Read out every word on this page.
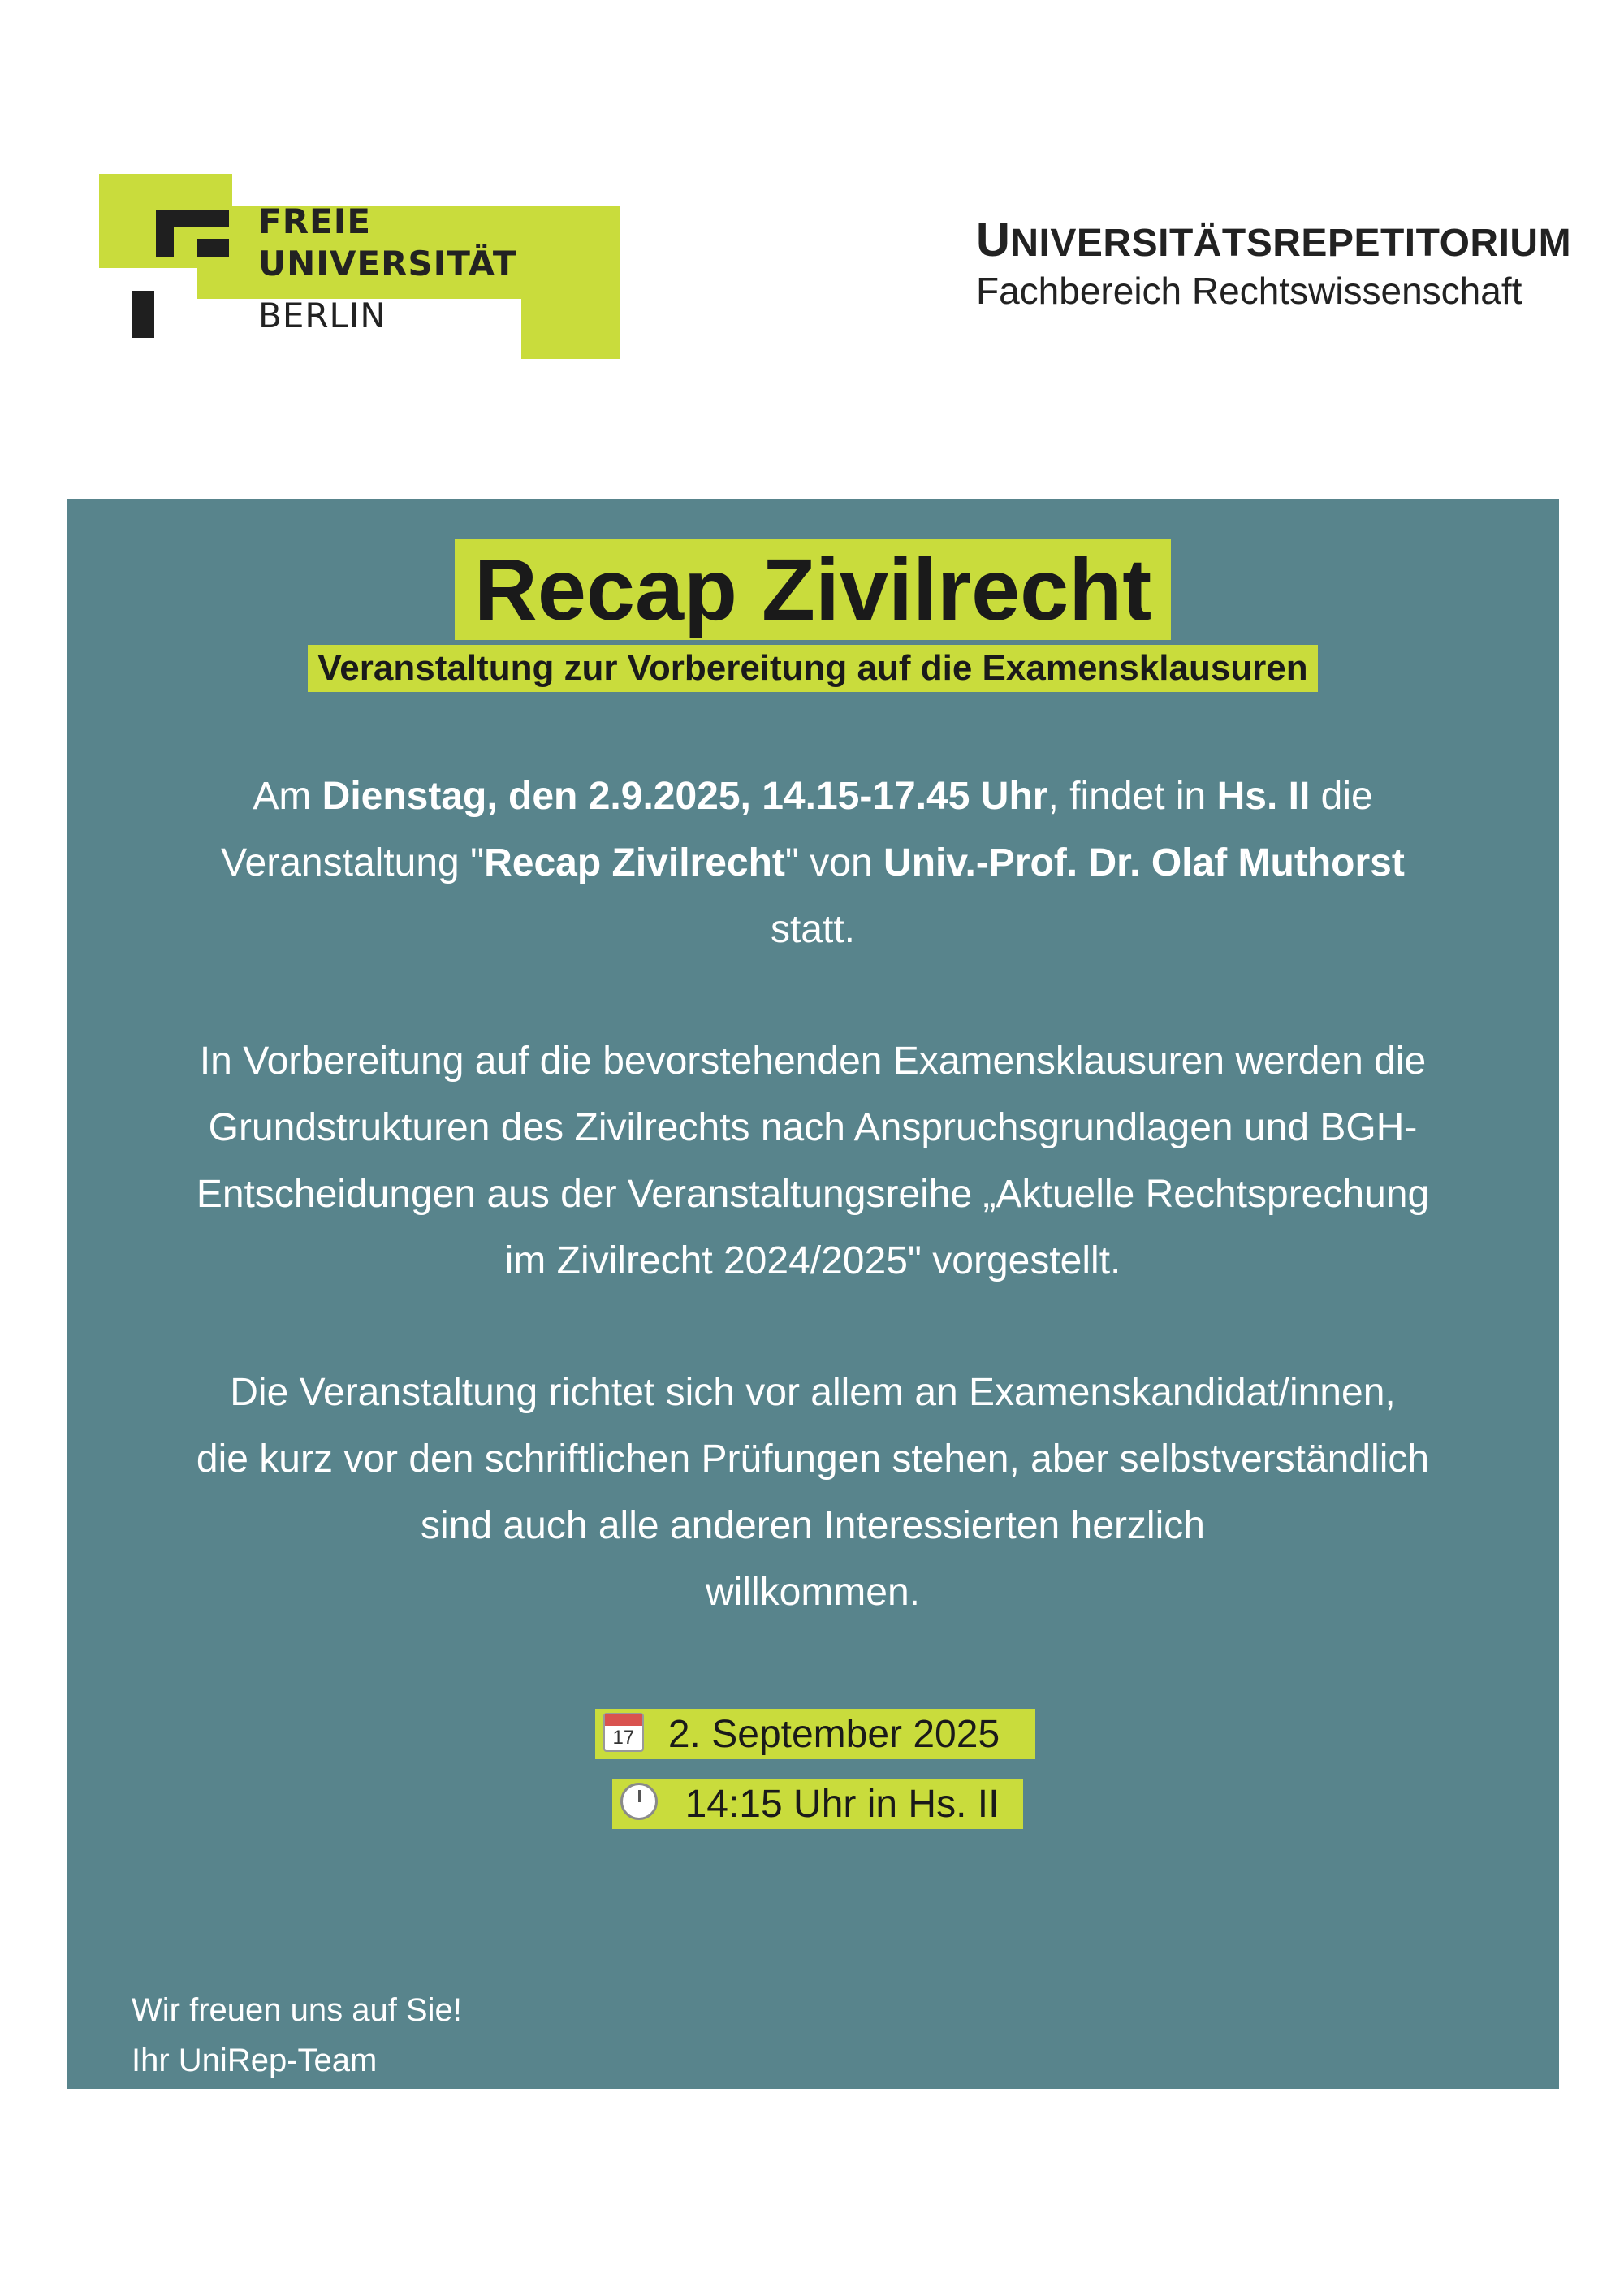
FREIE
UNIVERSITÄT
BERLIN
UNIVERSITÄTSREPETITORIUM
Fachbereich Rechtswissenschaft
Recap Zivilrecht
Veranstaltung zur Vorbereitung auf die Examensklausuren
Am Dienstag, den 2.9.2025, 14.15-17.45 Uhr, findet in Hs. II die
Veranstaltung "Recap Zivilrecht" von Univ.-Prof. Dr. Olaf Muthorst
statt.
In Vorbereitung auf die bevorstehenden Examensklausuren werden die
Grundstrukturen des Zivilrechts nach Anspruchsgrundlagen und BGH-
Entscheidungen aus der Veranstaltungsreihe „Aktuelle Rechtsprechung
im Zivilrecht 2024/2025" vorgestellt.
Die Veranstaltung richtet sich vor allem an Examenskandidat/innen,
die kurz vor den schriftlichen Prüfungen stehen, aber selbstverständlich
sind auch alle anderen Interessierten herzlich
willkommen.
17 2. September 2025
14:15 Uhr in Hs. II
Wir freuen uns auf Sie!
Ihr UniRep-Team
